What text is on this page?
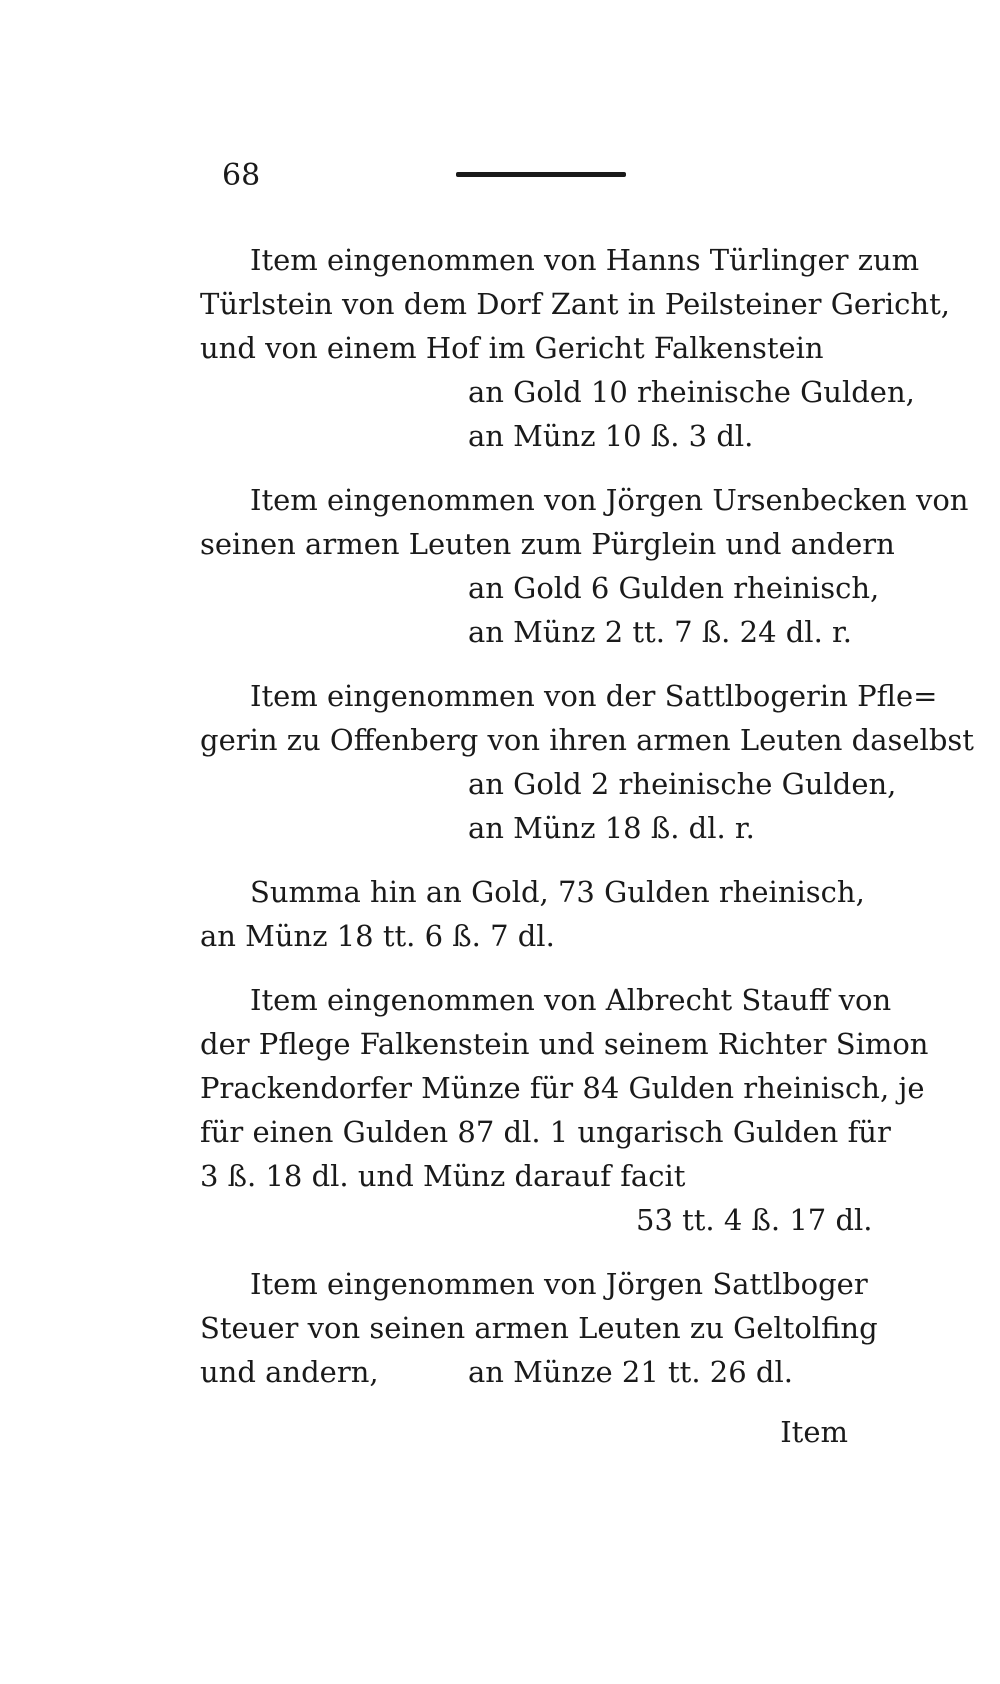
68
Item eingenommen von Hanns Türlinger zum
Türlstein von dem Dorf Zant in Peilsteiner Gericht,
und von einem Hof im Gericht Falkenstein
an Gold 10 rheinische Gulden,
an Münz 10 ß. 3 dl.
Item eingenommen von Jörgen Ursenbecken von
seinen armen Leuten zum Pürglein und andern
an Gold 6 Gulden rheinisch,
an Münz 2 tt. 7 ß. 24 dl. r.
Item eingenommen von der Sattlbogerin Pfle=
gerin zu Offenberg von ihren armen Leuten daselbst
an Gold 2 rheinische Gulden,
an Münz 18 ß. dl. r.
Summa hin an Gold, 73 Gulden rheinisch,
an Münz 18 tt. 6 ß. 7 dl.
Item eingenommen von Albrecht Stauff von
der Pflege Falkenstein und seinem Richter Simon
Prackendorfer Münze für 84 Gulden rheinisch, je
für einen Gulden 87 dl. 1 ungarisch Gulden für
3 ß. 18 dl. und Münz darauf facit
53 tt. 4 ß. 17 dl.
Item eingenommen von Jörgen Sattlboger
Steuer von seinen armen Leuten zu Geltolfing
und andern,	an Münze 21 tt. 26 dl.
Item
